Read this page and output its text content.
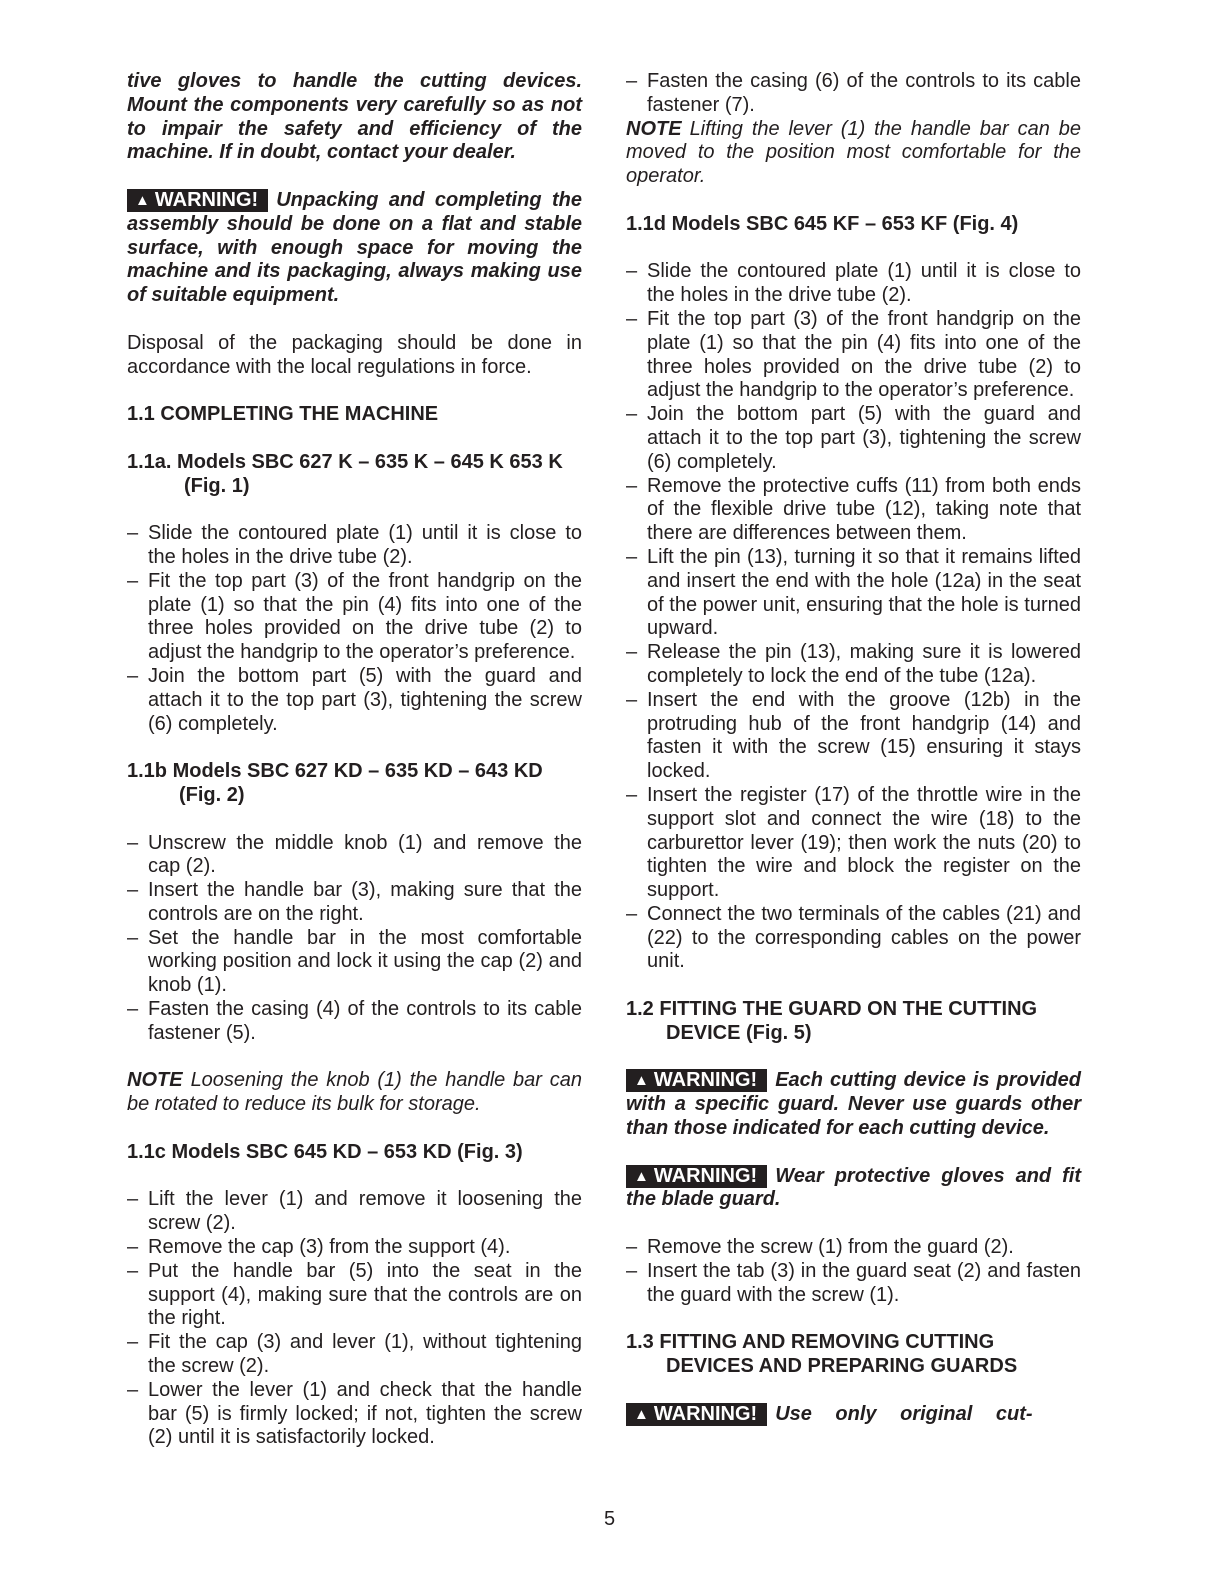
tive gloves to handle the cutting devices. Mount the components very carefully so as not to impair the safety and efficiency of the machine. If in doubt, contact your dealer.

▲ WARNING! Unpacking and completing the assembly should be done on a flat and stable surface, with enough space for moving the machine and its packaging, always making use of suitable equipment.

Disposal of the packaging should be done in accordance with the local regulations in force.

1.1 COMPLETING THE MACHINE

1.1a. Models SBC 627 K – 635 K – 645 K 653 K (Fig. 1)

– Slide the contoured plate (1) until it is close to the holes in the drive tube (2).
– Fit the top part (3) of the front handgrip on the plate (1) so that the pin (4) fits into one of the three holes provided on the drive tube (2) to adjust the handgrip to the operator’s preference.
– Join the bottom part (5) with the guard and attach it to the top part (3), tightening the screw (6) completely.

1.1b Models SBC 627 KD – 635 KD – 643 KD (Fig. 2)

– Unscrew the middle knob (1) and remove the cap (2).
– Insert the handle bar (3), making sure that the controls are on the right.
– Set the handle bar in the most comfortable working position and lock it using the cap (2) and knob (1).
– Fasten the casing (4) of the controls to its cable fastener (5).

NOTE Loosening the knob (1) the handle bar can be rotated to reduce its bulk for storage.

1.1c Models SBC 645 KD – 653 KD (Fig. 3)

– Lift the lever (1) and remove it loosening the screw (2).
– Remove the cap (3) from the support (4).
– Put the handle bar (5) into the seat in the support (4), making sure that the controls are on the right.
– Fit the cap (3) and lever (1), without tightening the screw (2).
– Lower the lever (1) and check that the handle bar (5) is firmly locked; if not, tighten the screw (2) until it is satisfactorily locked.
– Fasten the casing (6) of the controls to its cable fastener (7).

NOTE Lifting the lever (1) the handle bar can be moved to the position most comfortable for the operator.

1.1d Models SBC 645 KF – 653 KF (Fig. 4)

– Slide the contoured plate (1) until it is close to the holes in the drive tube (2).
– Fit the top part (3) of the front handgrip on the plate (1) so that the pin (4) fits into one of the three holes provided on the drive tube (2) to adjust the handgrip to the operator’s preference.
– Join the bottom part (5) with the guard and attach it to the top part (3), tightening the screw (6) completely.
– Remove the protective cuffs (11) from both ends of the flexible drive tube (12), taking note that there are differences between them.
– Lift the pin (13), turning it so that it remains lifted and insert the end with the hole (12a) in the seat of the power unit, ensuring that the hole is turned upward.
– Release the pin (13), making sure it is lowered completely to lock the end of the tube (12a).
– Insert the end with the groove (12b) in the protruding hub of the front handgrip (14) and fasten it with the screw (15) ensuring it stays locked.
– Insert the register (17) of the throttle wire in the support slot and connect the wire (18) to the carburettor lever (19); then work the nuts (20) to tighten the wire and block the register on the support.
– Connect the two terminals of the cables (21) and (22) to the corresponding cables on the power unit.

1.2 FITTING THE GUARD ON THE CUTTING DEVICE (Fig. 5)

▲ WARNING! Each cutting device is provided with a specific guard. Never use guards other than those indicated for each cutting device.

▲ WARNING! Wear protective gloves and fit the blade guard.

– Remove the screw (1) from the guard (2).
– Insert the tab (3) in the guard seat (2) and fasten the guard with the screw (1).

1.3 FITTING AND REMOVING CUTTING DEVICES AND PREPARING GUARDS

▲ WARNING! Use only original cut-

5
